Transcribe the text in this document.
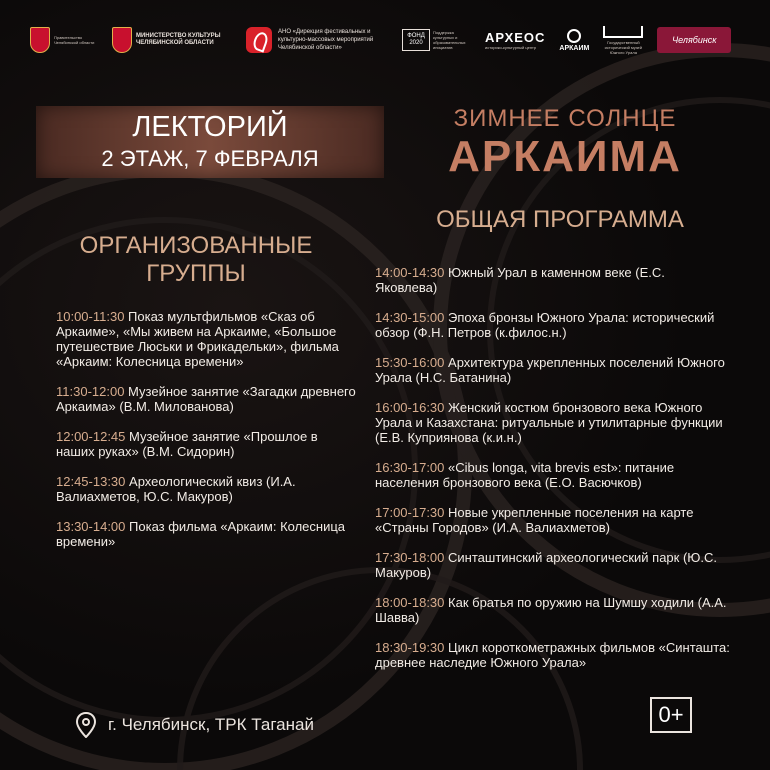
Правительство Челябинской области
МИНИСТЕРСТВО КУЛЬТУРЫ ЧЕЛЯБИНСКОЙ ОБЛАСТИ
АНО «Дирекция фестивальных и культурно-массовых мероприятий Челябинской области»
ФОНД 2020
Поддержка культурных и образовательных инициатив
АРХЕОС
историко-культурный центр	АРКАИМ
Государственный исторический музей Южного Урала
Челябинск
ЛЕКТОРИЙ
2 ЭТАЖ, 7 ФЕВРАЛЯ
ЗИМНЕЕ СОЛНЦЕ
АРКАИМА
ОРГАНИЗОВАННЫЕ ГРУППЫ
ОБЩАЯ ПРОГРАММА
10:00-11:30 Показ мультфильмов «Сказ об Аркаиме», «Мы живем на Аркаиме, «Большое путешествие Люськи и Фрикадельки», фильма «Аркаим: Колесница времени»
11:30-12:00 Музейное занятие «Загадки древнего Аркаима» (В.М. Милованова)
12:00-12:45 Музейное занятие «Прошлое в наших руках» (В.М. Сидорин)
12:45-13:30 Археологический квиз (И.А. Валиахметов, Ю.С. Макуров)
13:30-14:00 Показ фильма «Аркаим: Колесница времени»
14:00-14:30 Южный Урал в каменном веке (Е.С. Яковлева)
14:30-15:00 Эпоха бронзы Южного Урала: исторический обзор (Ф.Н. Петров (к.филос.н.)
15:30-16:00 Архитектура укрепленных поселений Южного Урала (Н.С. Батанина)
16:00-16:30 Женский костюм бронзового века Южного Урала и Казахстана: ритуальные и утилитарные функции (Е.В. Куприянова (к.и.н.)
16:30-17:00 «Cibus longa, vita brevis est»: питание населения бронзового века (Е.О. Васючков)
17:00-17:30 Новые укрепленные поселения на карте «Страны Городов» (И.А. Валиахметов)
17:30-18:00 Синташтинский археологический парк (Ю.С. Макуров)
18:00-18:30 Как братья по оружию на Шумшу ходили (А.А. Шавва)
18:30-19:30 Цикл короткометражных фильмов «Синташта: древнее наследие Южного Урала»
г. Челябинск, ТРК Таганай	0+
